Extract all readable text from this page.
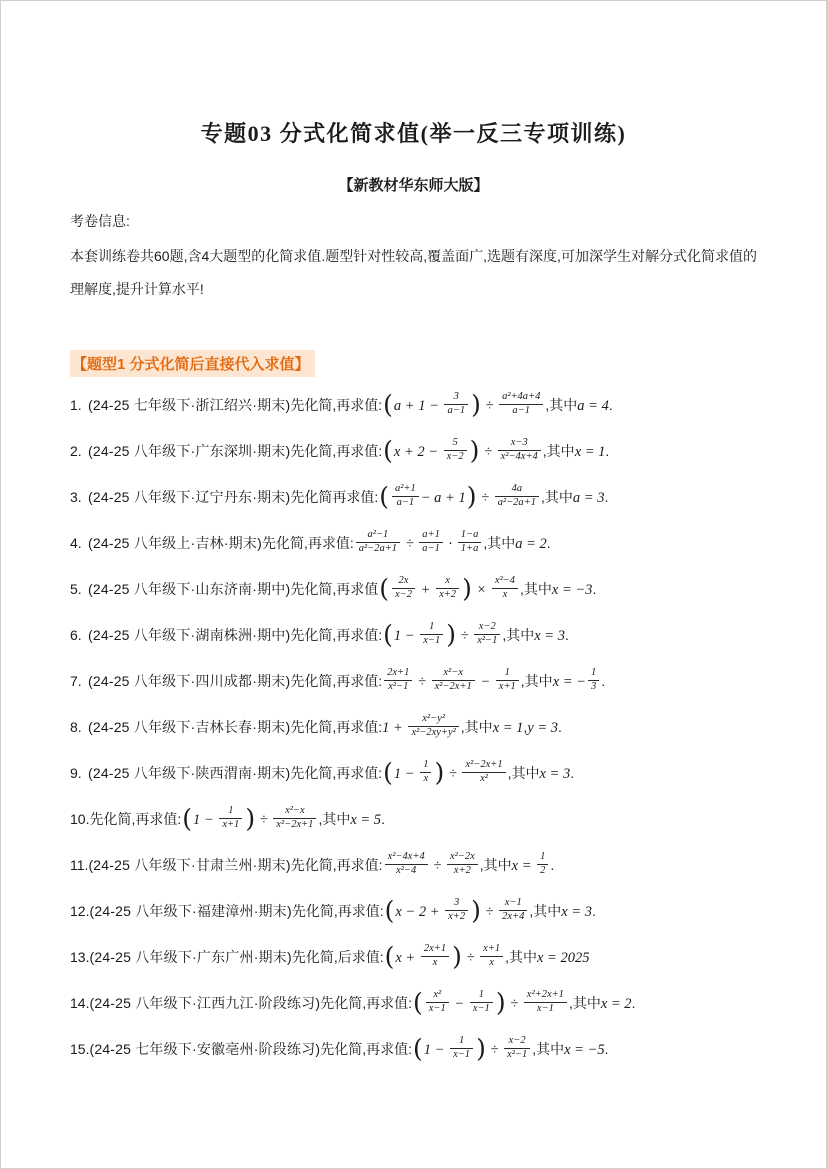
专题03 分式化简求值(举一反三专项训练)
【新教材华东师大版】
考卷信息:
本套训练卷共60题,含4大题型的化简求值.题型针对性较高,覆盖面广,选题有深度,可加深学生对解分式化简求值的理解度,提升计算水平!
【题型1 分式化简后直接代入求值】
1. (24-25 七年级下·浙江绍兴·期末)先化简,再求值:(a + $1 - \frac{3}{a-1}$ ) ÷ $\frac{\text{a²+4a+4}}{a-1}$ ,其中a = 4.
2. (24-25 八年级下·广东深圳·期末)先化简,再求值:(x + $2 - \frac{5}{x-2}$ ) ÷ $\frac{x-3}{\text{x²−4x+4}}$ ,其中x = 1.
3. (24-25 八年级下·辽宁丹东·期末)先化简再求值:( $\frac{\text{a²+1}}{a-1} - a + 1) \div \frac{4a}{\text{a²−2a+1}}$ ,其中a = 3.
4. (24-25 八年级上·吉林·期末)先化简,再求值: $\frac{\text{a²−1}}{\text{a²−2a+1}} \div \frac{a+1}{a-1} \cdot \frac{1-a}{1+a}$ ,其中a = 2.
5. (24-25 八年级下·山东济南·期中)先化简,再求值( $\frac{2x}{x-2} + \frac{x}{x+2}$ ) × $\frac{\text{x²−4}}{x}$ ,其中x = −3.
6. (24-25 八年级下·湖南株洲·期中)先化简,再求值:(1 − $\frac{1}{x-1}$ ) ÷ $\frac{x-2}{\text{x²−1}}$ ,其中x = 3.
7. (24-25 八年级下·四川成都·期末)先化简,再求值: $\frac{2x+1}{\text{x²−1}} \div \frac{\text{x²−x}}{\text{x²−2x+1}} - \frac{1}{x+1}$ ,其中x = − $\frac{1}{3}$ .
8. (24-25 八年级下·吉林长春·期末)先化简,再求值:1 + $\frac{\text{x²−y²}}{\text{x²−2xy+y²}}$ ,其中x = 1,y = 3.
9. (24-25 八年级下·陕西渭南·期末)先化简,再求值:(1 − $\frac{1}{x}$ ) ÷ $\frac{\text{x²−2x+1}}{\text{x²}}$ ,其中x = 3.
10.先化简,再求值:(1 − $\frac{1}{x+1}$ ) ÷ $\frac{\text{x²−x}}{\text{x²−2x+1}}$ ,其中x = 5.
11.(24-25 八年级下·甘肃兰州·期末)先化简,再求值: $\frac{\text{x²−4x+4}}{\text{x²−4}} \div \frac{\text{x²−2x}}{x+2}$ ,其中$x = \frac{1}{2}$ .
12.(24-25 八年级下·福建漳州·期末)先化简,再求值:(x − $2 + \frac{3}{x+2}$ ) ÷ $\frac{x-1}{2x+4}$ ,其中x = 3.
13.(24-25 八年级下·广东广州·期末)先化简,后求值:(x + $\frac{2x+1}{x}$ ) ÷ $\frac{x+1}{x}$ ,其中x = 2025
14.(24-25 八年级下·江西九江·阶段练习)先化简,再求值:( $\frac{\text{x²}}{x-1} - \frac{1}{x-1}$ ) ÷ $\frac{\text{x²+2x+1}}{x-1}$ ,其中x = 2.
15.(24-25 七年级下·安徽亳州·阶段练习)先化简,再求值:(1 − $\frac{1}{x-1}$ ) ÷ $\frac{x-2}{\text{x²−1}}$ ,其中x = −5.
